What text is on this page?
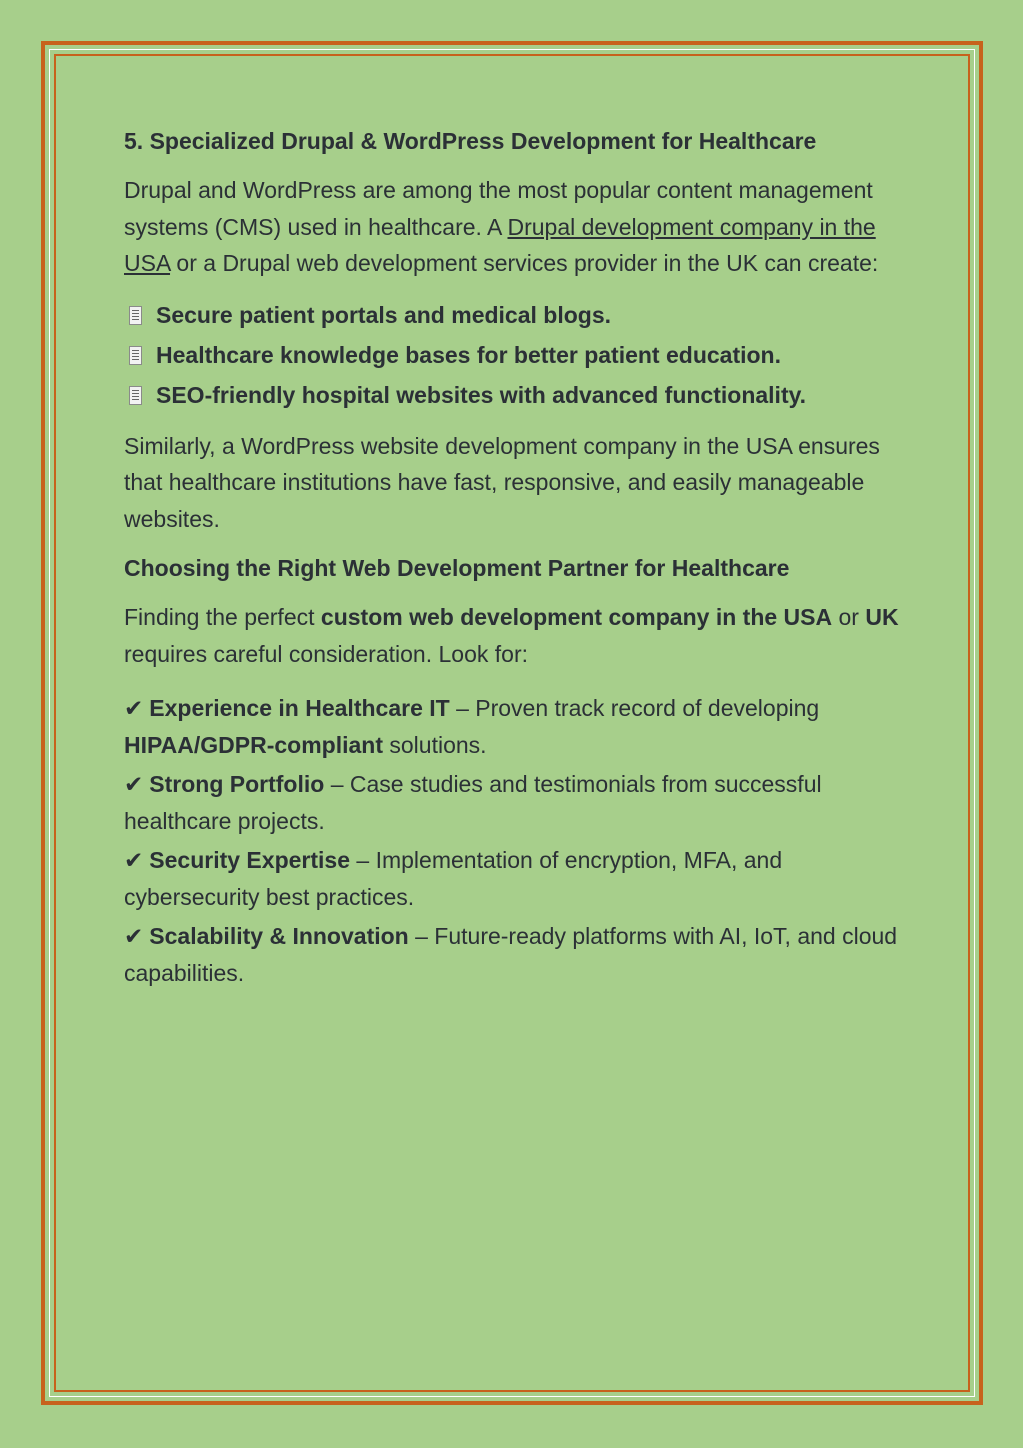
5. Specialized Drupal & WordPress Development for Healthcare
Drupal and WordPress are among the most popular content management systems (CMS) used in healthcare. A Drupal development company in the USA or a Drupal web development services provider in the UK can create:
Secure patient portals and medical blogs.
Healthcare knowledge bases for better patient education.
SEO-friendly hospital websites with advanced functionality.
Similarly, a WordPress website development company in the USA ensures that healthcare institutions have fast, responsive, and easily manageable websites.
Choosing the Right Web Development Partner for Healthcare
Finding the perfect custom web development company in the USA or UK requires careful consideration. Look for:
✔ Experience in Healthcare IT – Proven track record of developing HIPAA/GDPR-compliant solutions.
✔ Strong Portfolio – Case studies and testimonials from successful healthcare projects.
✔ Security Expertise – Implementation of encryption, MFA, and cybersecurity best practices.
✔ Scalability & Innovation – Future-ready platforms with AI, IoT, and cloud capabilities.
